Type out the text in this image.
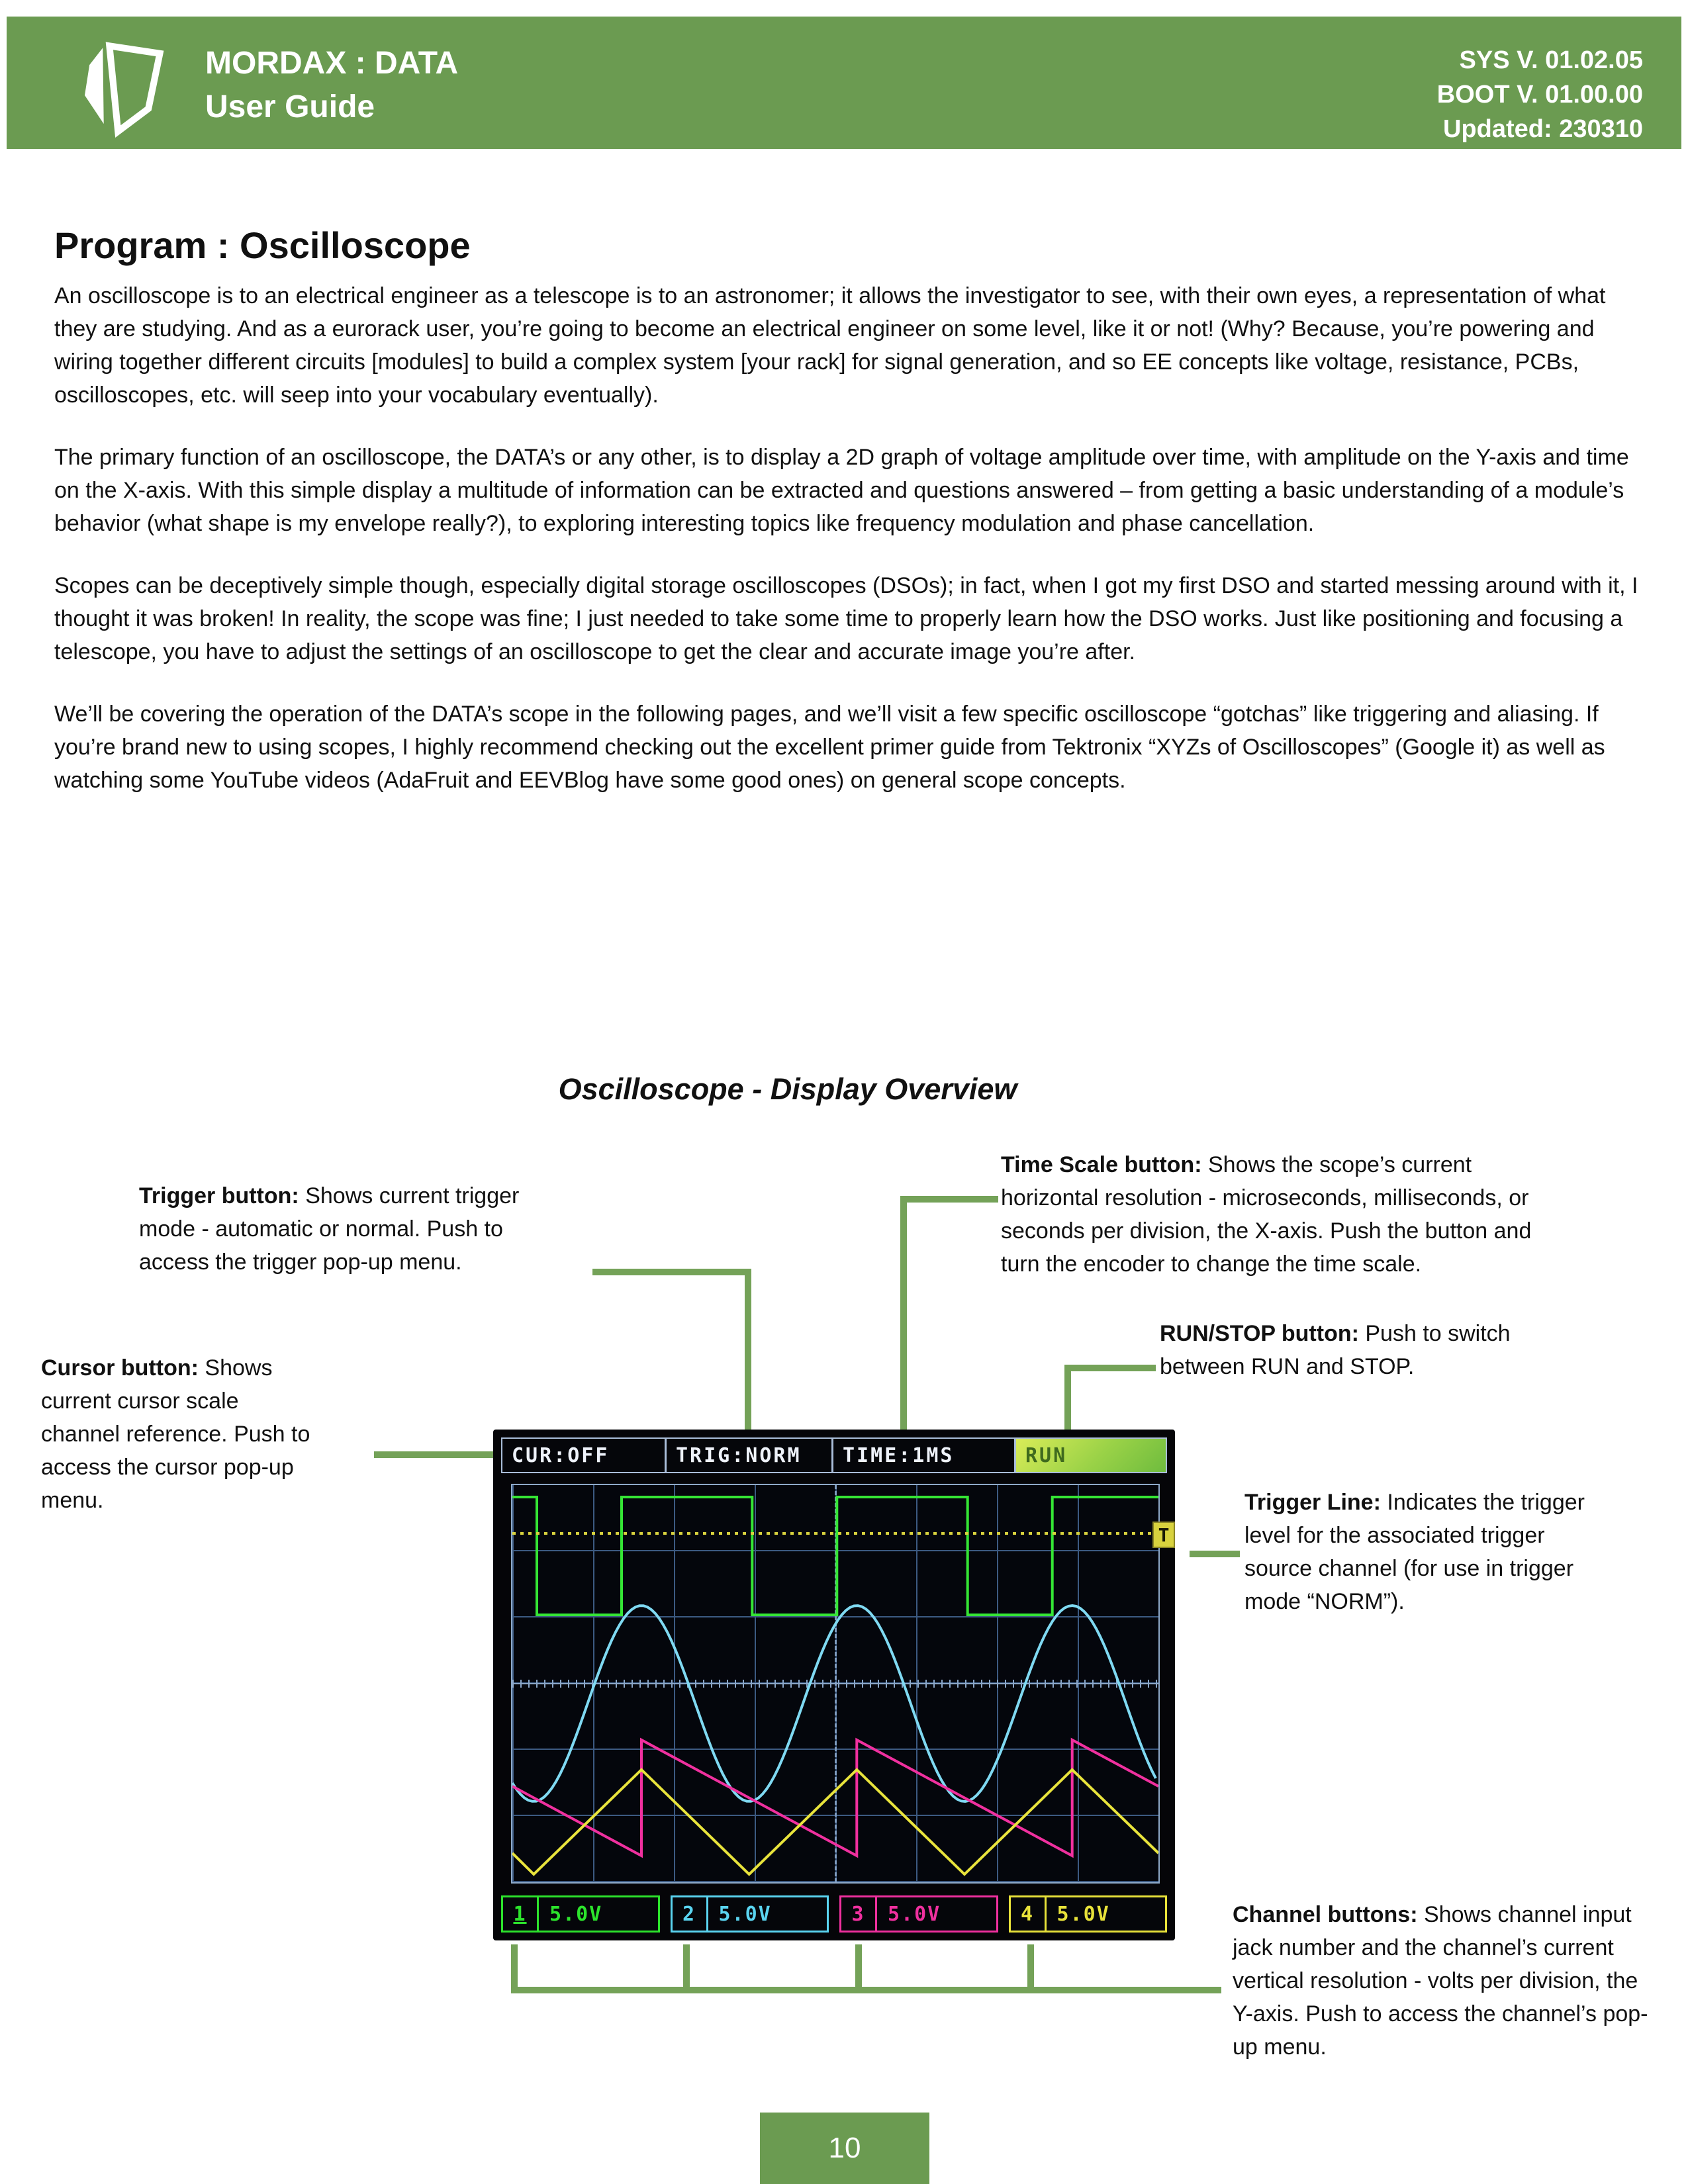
MORDAX : DATA
User Guide
SYS V. 01.02.05
BOOT V. 01.00.00
Updated: 230310
Program : Oscilloscope

An oscilloscope is to an electrical engineer as a telescope is to an astronomer; it allows the investigator to see, with their own eyes, a representation of what they are studying. And as a eurorack user, you’re going to become an electrical engineer on some level, like it or not! (Why? Because, you’re powering and wiring together different circuits [modules] to build a complex system [your rack] for signal generation, and so EE concepts like voltage, resistance, PCBs, oscilloscopes, etc. will seep into your vocabulary eventually).

The primary function of an oscilloscope, the DATA’s or any other, is to display a 2D graph of voltage amplitude over time, with amplitude on the Y-axis and time on the X-axis. With this simple display a multitude of information can be extracted and questions answered – from getting a basic understanding of a module’s behavior (what shape is my envelope really?), to exploring interesting topics like frequency modulation and phase cancellation.

Scopes can be deceptively simple though, especially digital storage oscilloscopes (DSOs); in fact, when I got my first DSO and started messing around with it, I thought it was broken! In reality, the scope was fine; I just needed to take some time to properly learn how the DSO works. Just like positioning and focusing a telescope, you have to adjust the settings of an oscilloscope to get the clear and accurate image you’re after.

We’ll be covering the operation of the DATA’s scope in the following pages, and we’ll visit a few specific oscilloscope “gotchas” like triggering and aliasing. If you’re brand new to using scopes, I highly recommend checking out the excellent primer guide from Tektronix “XYZs of Oscilloscopes” (Google it) as well as watching some YouTube videos (AdaFruit and EEVBlog have some good ones) on general scope concepts.

Oscilloscope - Display Overview
Trigger button: Shows current trigger mode - automatic or normal. Push to access the trigger pop-up menu.
Time Scale button: Shows the scope’s current horizontal resolution - microseconds, milliseconds, or seconds per division, the X-axis. Push the button and turn the encoder to change the time scale.
RUN/STOP button: Push to switch between RUN and STOP.
Cursor button: Shows current cursor scale channel reference. Push to access the cursor pop-up menu.	Trigger Line: Indicates the trigger level for the associated trigger source channel (for use in trigger mode “NORM”).
Channel buttons: Shows channel input jack number and the channel’s current vertical resolution - volts per division, the Y-axis. Push to access the channel’s pop-up menu.
CUR:OFF	TRIG:NORM	TIME:1MS	RUN
T
1	5.0V	2	5.0V	3	5.0V	4	5.0V
10
